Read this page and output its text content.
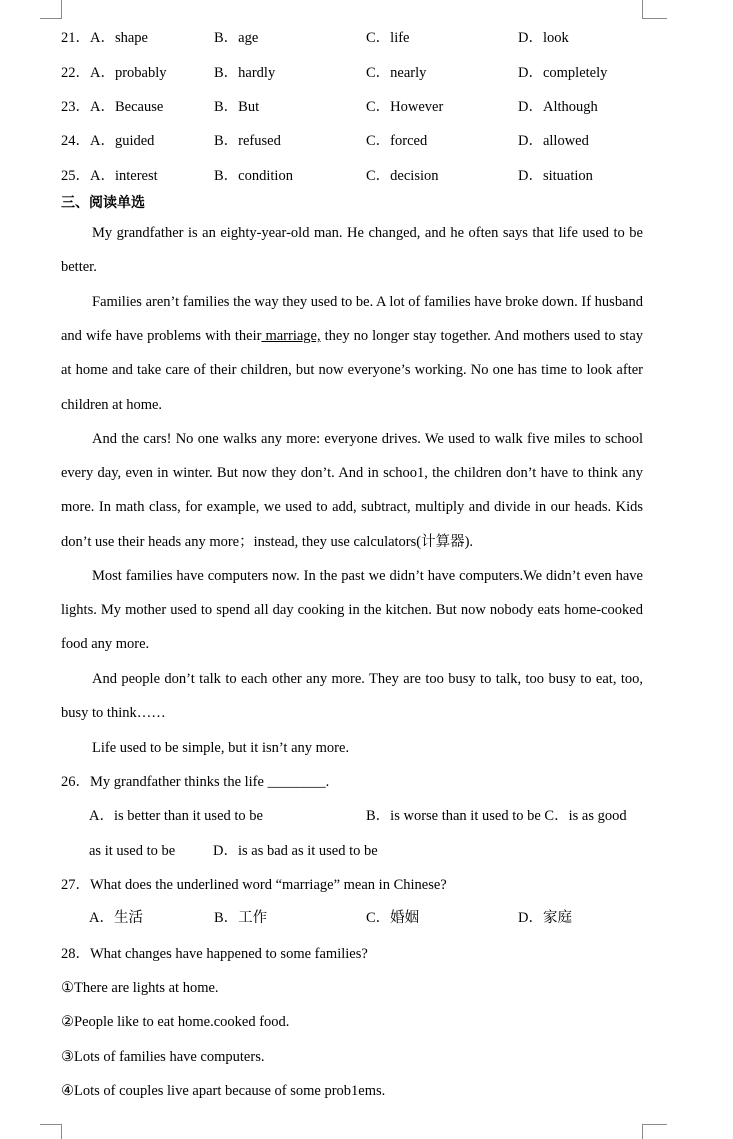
21．A．shape	B．age	C．life	D．look
22．A．probably	B．hardly	C．nearly	D．completely
23．A．Because	B．But	C．However	D．Although
24．A．guided	B．refused	C．forced	D．allowed
25．A．interest	B．condition	C．decision	D．situation
三、阅读单选

My grandfather is an eighty-year-old man. He changed, and he often says that life used to be better.

Families aren’t families the way they used to be. A lot of families have broke down. If husband and wife have problems with their marriage, they no longer stay together. And mothers used to stay at home and take care of their children, but now everyone’s working. No one has time to look after children at home.

And the cars! No one walks any more: everyone drives. We used to walk five miles to school every day, even in winter. But now they don’t. And in schoo1, the children don’t have to think any more. In math class, for example, we used to add, subtract, multiply and divide in our heads. Kids don’t use their heads any more；instead, they use calculators(计算器).

Most families have computers now. In the past we didn’t have computers.We didn’t even have lights. My mother used to spend all day cooking in the kitchen. But now nobody eats home-cooked food any more.

And people don’t talk to each other any more. They are too busy to talk, too busy to eat, too, busy to think……

Life used to be simple, but it isn’t any more.

26．My grandfather thinks the life ________.
A．is better than it used to be	B．is worse than it used to be C．is as good
as it used to be	D．is as bad as it used to be
27．What does the underlined word “marriage” mean in Chinese?
A．生活	B．工作	C．婚姻	D．家庭
28．What changes have happened to some families?
①There are lights at home.
②People like to eat home.cooked food.
③Lots of families have computers.
④Lots of couples live apart because of some prob1ems.
